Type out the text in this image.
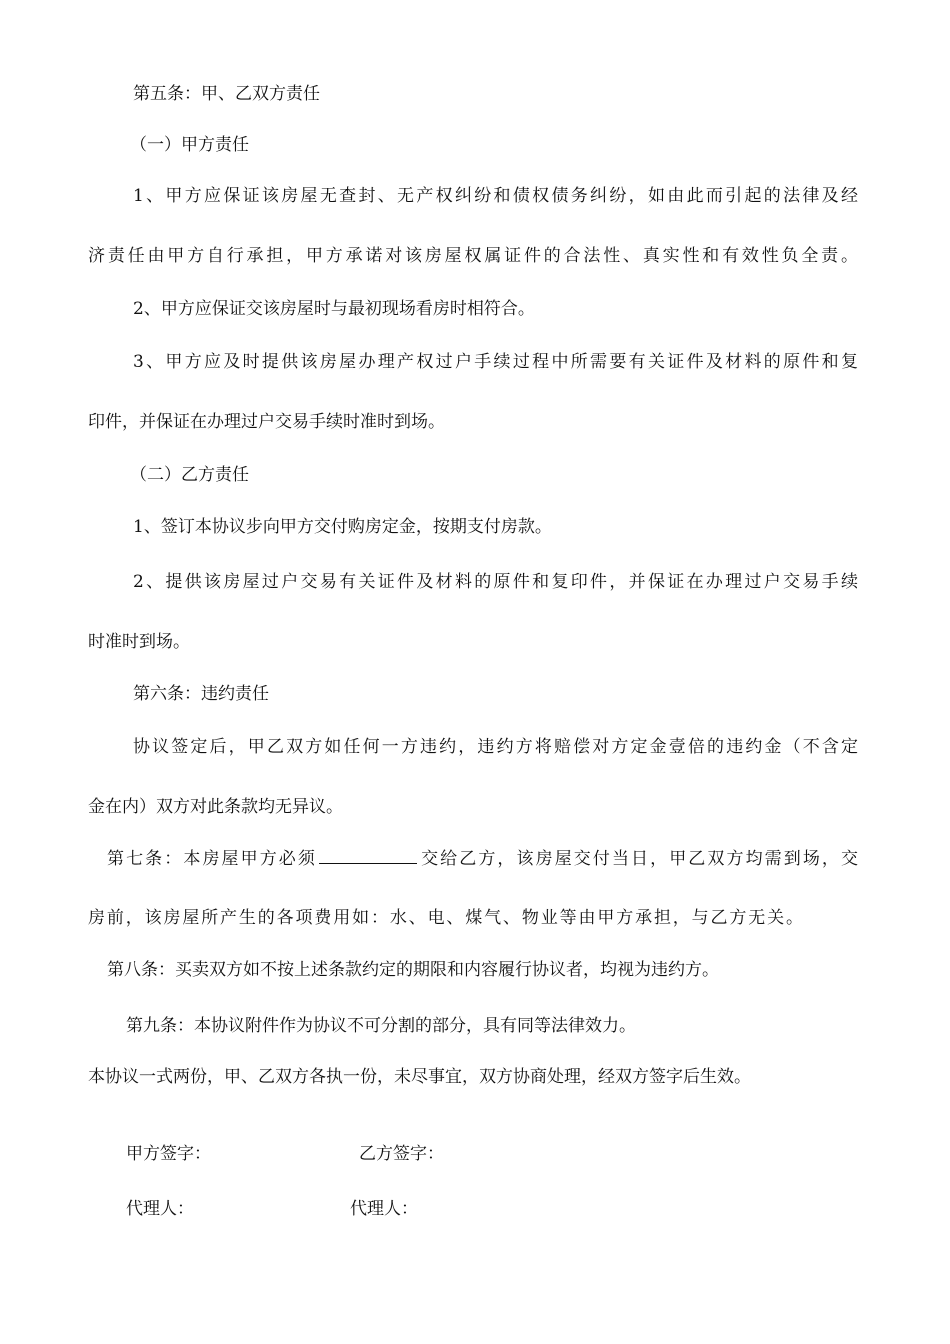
第五条：甲、乙双方责任
（一）甲方责任
1、甲方应保证该房屋无查封、无产权纠纷和债权债务纠纷，如由此而引起的法律及经
济责任由甲方自行承担，甲方承诺对该房屋权属证件的合法性、真实性和有效性负全责。
2、甲方应保证交该房屋时与最初现场看房时相符合。
3、甲方应及时提供该房屋办理产权过户手续过程中所需要有关证件及材料的原件和复
印件，并保证在办理过户交易手续时准时到场。
（二）乙方责任
1、签订本协议步向甲方交付购房定金，按期支付房款。
2、提供该房屋过户交易有关证件及材料的原件和复印件，并保证在办理过户交易手续
时准时到场。
第六条：违约责任
协议签定后，甲乙双方如任何一方违约，违约方将赔偿对方定金壹倍的违约金（不含定
金在内）双方对此条款均无异议。
第七条：本房屋甲方必须	交给乙方，该房屋交付当日，甲乙双方均需到场，交
房前，该房屋所产生的各项费用如：水、电、煤气、物业等由甲方承担，与乙方无关。
第八条：买卖双方如不按上述条款约定的期限和内容履行协议者，均视为违约方。
第九条：本协议附件作为协议不可分割的部分，具有同等法律效力。
本协议一式两份，甲、乙双方各执一份，未尽事宜，双方协商处理，经双方签字后生效。
甲方签字：	乙方签字：
代理人：	代理人：
